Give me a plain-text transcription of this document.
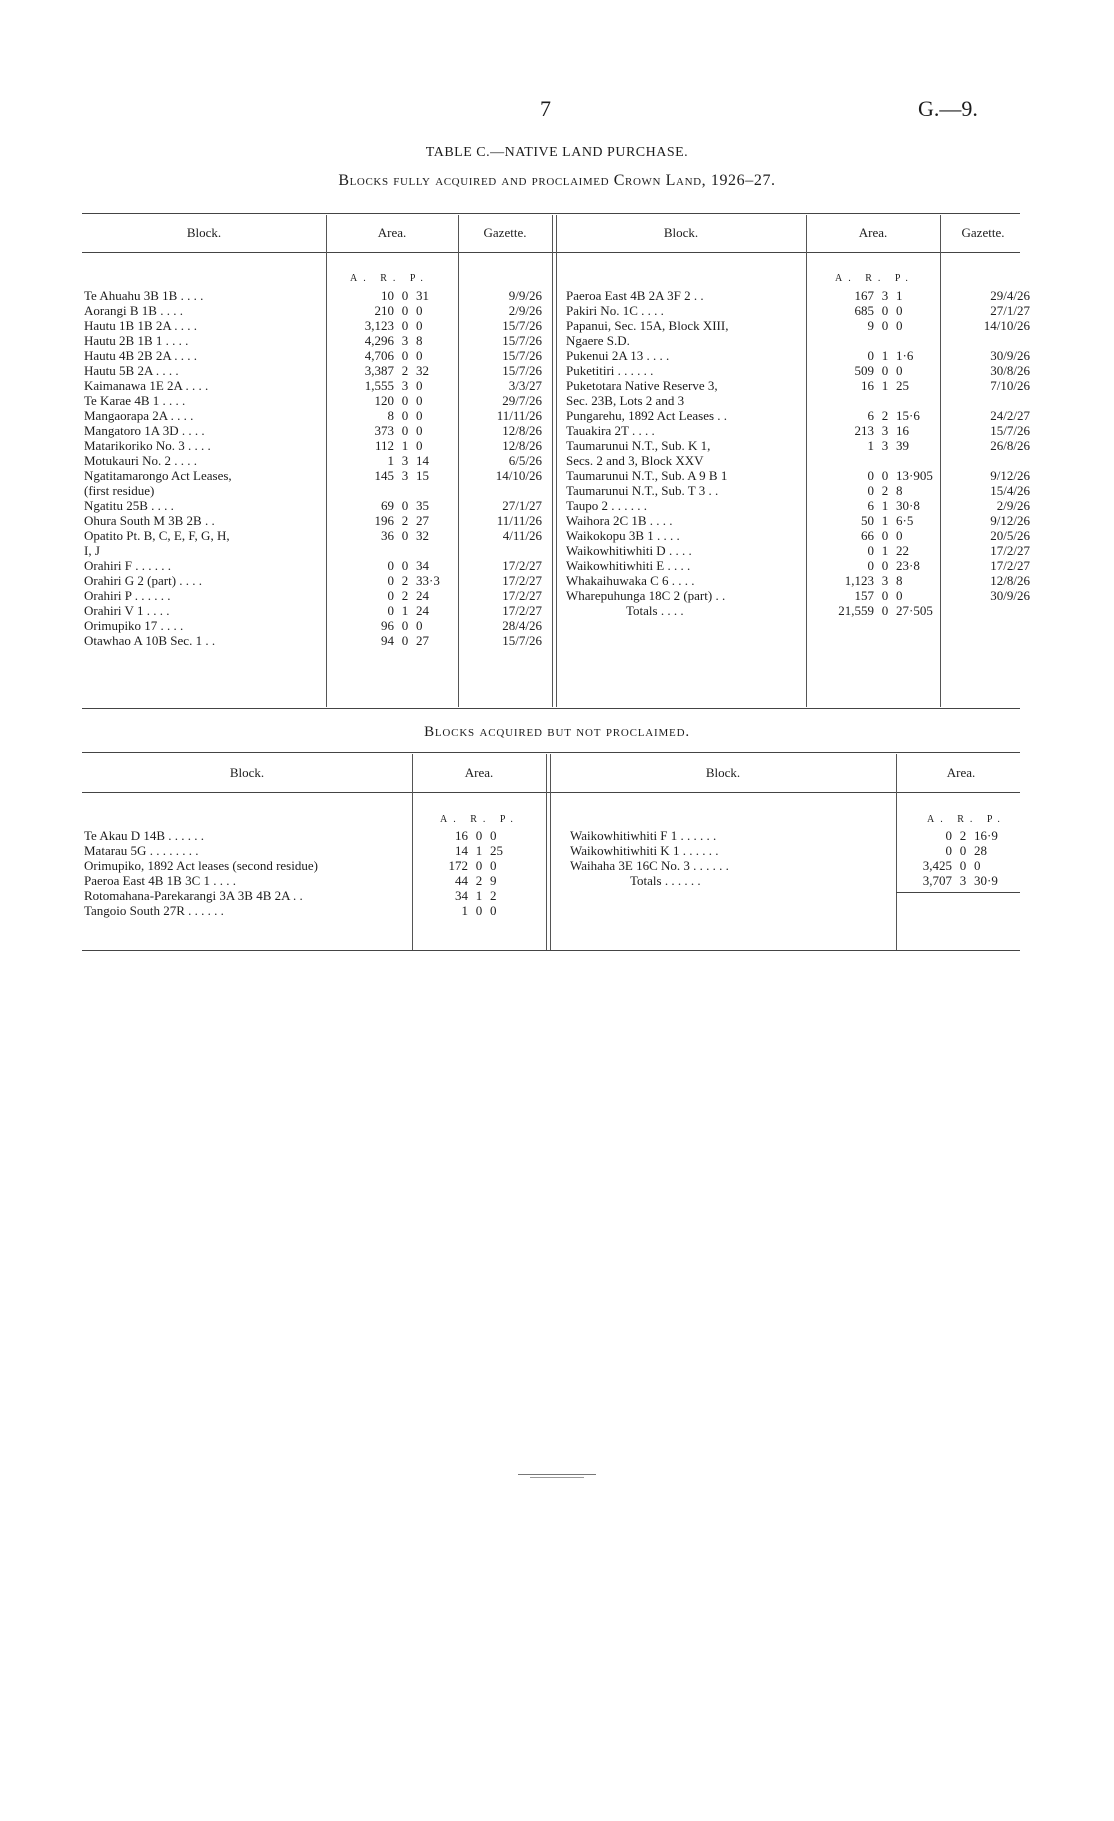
7	G.—9.
TABLE C.—NATIVE LAND PURCHASE.
Blocks fully acquired and proclaimed Crown Land, 1926–27.
Block.	Area.	Gazette.	Block.	Area.	Gazette.
A. R. P.	A. R. P.
Te Ahuahu 3B 1B . . . .	10	0	31	9/9/26
Aorangi B 1B . . . .	210	0	0	2/9/26
Hautu 1B 1B 2A . . . .	3,123	0	0	15/7/26
Hautu 2B 1B 1 . . . .	4,296	3	8	15/7/26
Hautu 4B 2B 2A . . . .	4,706	0	0	15/7/26
Hautu 5B 2A . . . .	3,387	2	32	15/7/26
Kaimanawa 1E 2A . . . .	1,555	3	0	3/3/27
Te Karae 4B 1 . . . .	120	0	0	29/7/26
Mangaorapa 2A . . . .	8	0	0	11/11/26
Mangatoro 1A 3D . . . .	373	0	0	12/8/26
Matarikoriko No. 3 . . . .	112	1	0	12/8/26
Motukauri No. 2 . . . .	1	3	14	6/5/26
Ngatitamarongo Act Leases,	145	3	15	14/10/26
(first residue)				
Ngatitu 25B . . . .	69	0	35	27/1/27
Ohura South M 3B 2B . .	196	2	27	11/11/26
Opatito Pt. B, C, E, F, G, H,	36	0	32	4/11/26
I, J				
Orahiri F . . . . . .	0	0	34	17/2/27
Orahiri G 2 (part) . . . .	0	2	33·3	17/2/27
Orahiri P . . . . . .	0	2	24	17/2/27
Orahiri V 1 . . . .	0	1	24	17/2/27
Orimupiko 17 . . . .	96	0	0	28/4/26
Otawhao A 10B Sec. 1 . .	94	0	27	15/7/26
Paeroa East 4B 2A 3F 2 . .	167	3	1	29/4/26
Pakiri No. 1C . . . .	685	0	0	27/1/27
Papanui, Sec. 15A, Block XIII,	9	0	0	14/10/26
Ngaere S.D.				
Pukenui 2A 13 . . . .	0	1	1·6	30/9/26
Puketitiri . . . . . .	509	0	0	30/8/26
Puketotara Native Reserve 3,	16	1	25	7/10/26
Sec. 23B, Lots 2 and 3				
Pungarehu, 1892 Act Leases . .	6	2	15·6	24/2/27
Tauakira 2T . . . .	213	3	16	15/7/26
Taumarunui N.T., Sub. K 1,	1	3	39	26/8/26
Secs. 2 and 3, Block XXV				
Taumarunui N.T., Sub. A 9 B 1	0	0	13·905	9/12/26
Taumarunui N.T., Sub. T 3 . .	0	2	8	15/4/26
Taupo 2 . . . . . .	6	1	30·8	2/9/26
Waihora 2C 1B . . . .	50	1	6·5	9/12/26
Waikokopu 3B 1 . . . .	66	0	0	20/5/26
Waikowhitiwhiti D . . . .	0	1	22	17/2/27
Waikowhitiwhiti E . . . .	0	0	23·8	17/2/27
Whakaihuwaka C 6 . . . .	1,123	3	8	12/8/26
Wharepuhunga 18C 2 (part) . .	157	0	0	30/9/26
Totals . . . .	21,559	0	27·505	
Blocks acquired but not proclaimed.
Block.	Area.	Block.	Area.
A. R. P.	A. R. P.
Te Akau D 14B . . . . . .	16	0	0
Matarau 5G . . . . . . . .	14	1	25
Orimupiko, 1892 Act leases (second residue)	172	0	0
Paeroa East 4B 1B 3C 1 . . . .	44	2	9
Rotomahana-Parekarangi 3A 3B 4B 2A . .	34	1	2
Tangoio South 27R . . . . . .	1	0	0
Waikowhitiwhiti F 1 . . . . . .	0	2	16·9
Waikowhitiwhiti K 1 . . . . . .	0	0	28
Waihaha 3E 16C No. 3 . . . . . .	3,425	0	0
Totals . . . . . .	3,707	3	30·9
